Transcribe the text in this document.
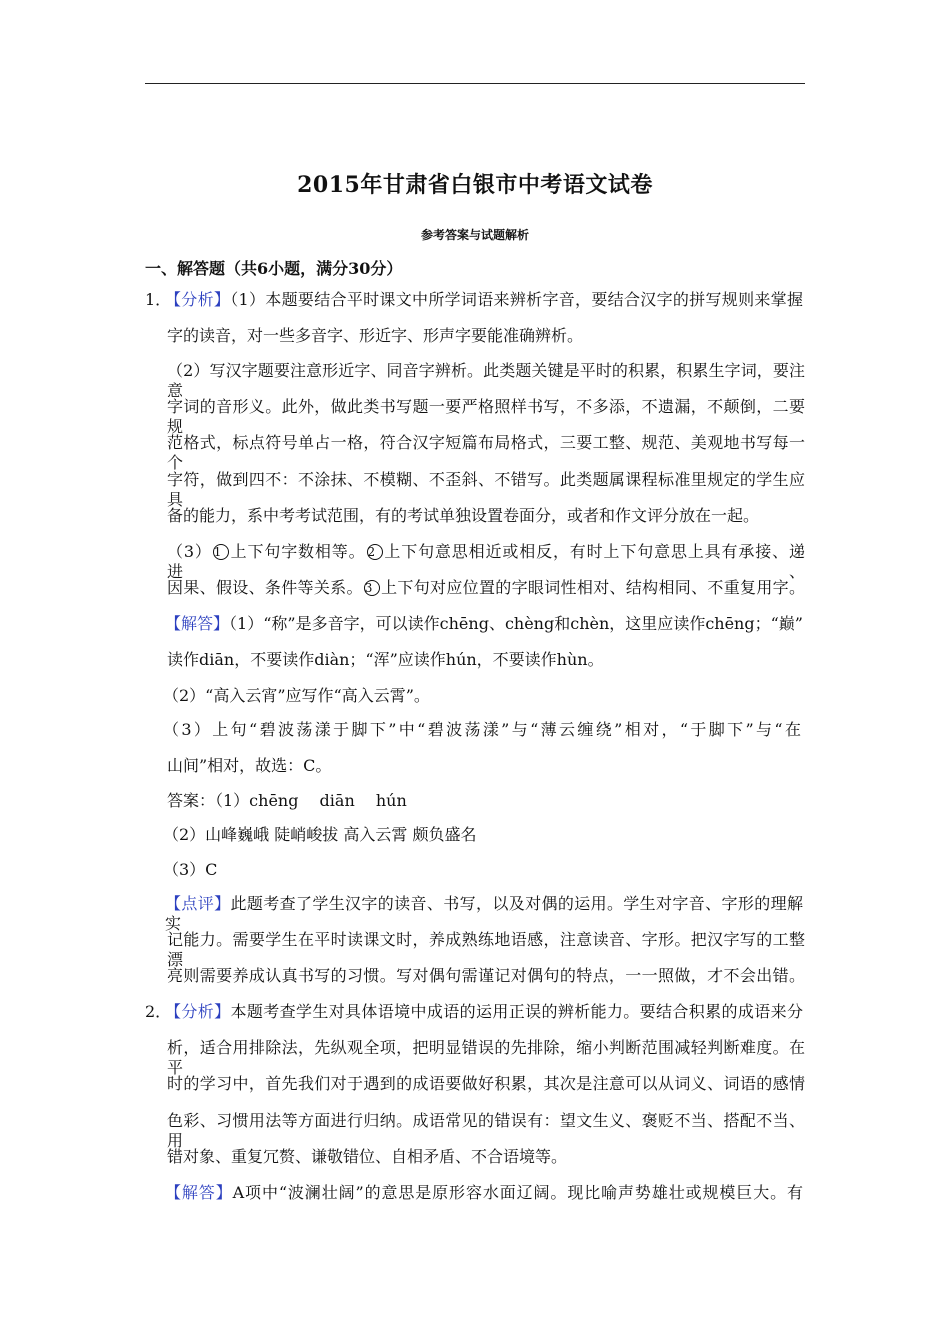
2015年甘肃省白银市中考语文试卷
参考答案与试题解析
一、解答题（共6小题，满分30分）
1．
【分析】（1）本题要结合平时课文中所学词语来辨析字音，要结合汉字的拼写规则来掌握
字的读音，对一些多音字、形近字、形声字要能准确辨析。
（2）写汉字题要注意形近字、同音字辨析。此类题关键是平时的积累，积累生字词，要注意
字词的音形义。此外，做此类书写题一要严格照样书写，不多添，不遗漏，不颠倒，二要规
范格式，标点符号单占一格，符合汉字短篇布局格式，三要工整、规范、美观地书写每一个
字符，做到四不：不涂抹、不模糊、不歪斜、不错写。此类题属课程标准里规定的学生应具
备的能力，系中考考试范围，有的考试单独设置卷面分，或者和作文评分放在一起。
（3） 1 上下句字数相等。 2 上下句意思相近或相反，有时上下句意思上具有承接、递进、
因果、假设、条件等关系。 3 上下句对应位置的字眼词性相对、结构相同、不重复用字。
【解答】（1）“称”是多音字，可以读作chēng、chèng和chèn，这里应读作chēng；“巅”
读作diān，不要读作diàn；“浑”应读作hún，不要读作hùn。
（2）“高入云宵”应写作“高入云霄”。
（3）上句“碧波荡漾于脚下”中“碧波荡漾”与“薄云缠绕”相对，“于脚下”与“在
山间”相对，故选：C。
答案：（1）chēng　 diān　 hún
（2）山峰巍峨 陡峭峻拔 高入云霄 颇负盛名
（3）C
【点评】此题考查了学生汉字的读音、书写，以及对偶的运用。学生对字音、字形的理解实
记能力。需要学生在平时读课文时，养成熟练地语感，注意读音、字形。把汉字写的工整漂
亮则需要养成认真书写的习惯。写对偶句需谨记对偶句的特点，一一照做，才不会出错。
2．
【分析】本题考查学生对具体语境中成语的运用正误的辨析能力。要结合积累的成语来分
析，适合用排除法，先纵观全项，把明显错误的先排除，缩小判断范围减轻判断难度。在平
时的学习中，首先我们对于遇到的成语要做好积累，其次是注意可以从词义、词语的感情
色彩、习惯用法等方面进行归纳。成语常见的错误有：望文生义、褒贬不当、搭配不当、用
错对象、重复冗赘、谦敬错位、自相矛盾、不合语境等。
【解答】A项中“波澜壮阔”的意思是原形容水面辽阔。现比喻声势雄壮或规模巨大。有
